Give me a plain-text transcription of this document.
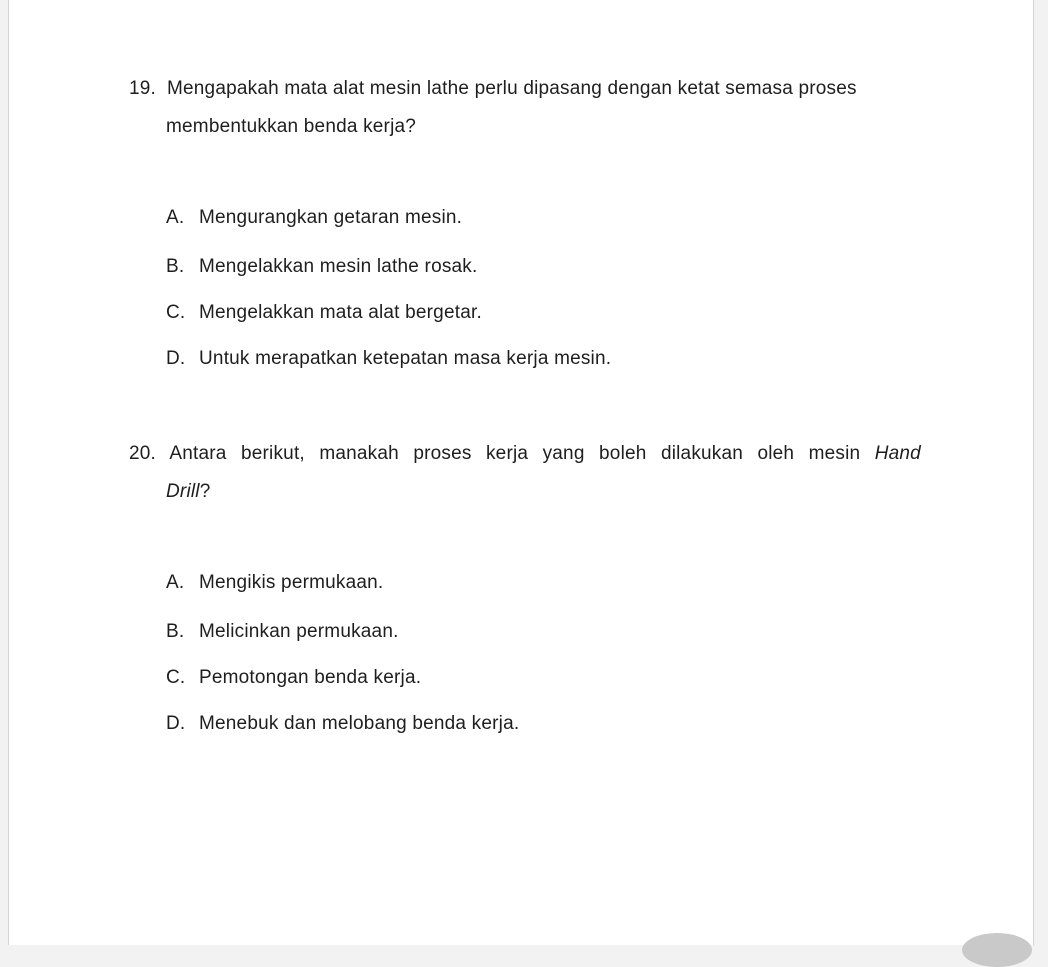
19. Mengapakah mata alat mesin lathe perlu dipasang dengan ketat semasa proses
membentukkan benda kerja?
A. Mengurangkan getaran mesin.
B. Mengelakkan mesin lathe rosak.
C. Mengelakkan mata alat bergetar.
D. Untuk merapatkan ketepatan masa kerja mesin.
20. Antara berikut, manakah proses kerja yang boleh dilakukan oleh mesin Hand
Drill?
A. Mengikis permukaan.
B. Melicinkan permukaan.
C. Pemotongan benda kerja.
D. Menebuk dan melobang benda kerja.
